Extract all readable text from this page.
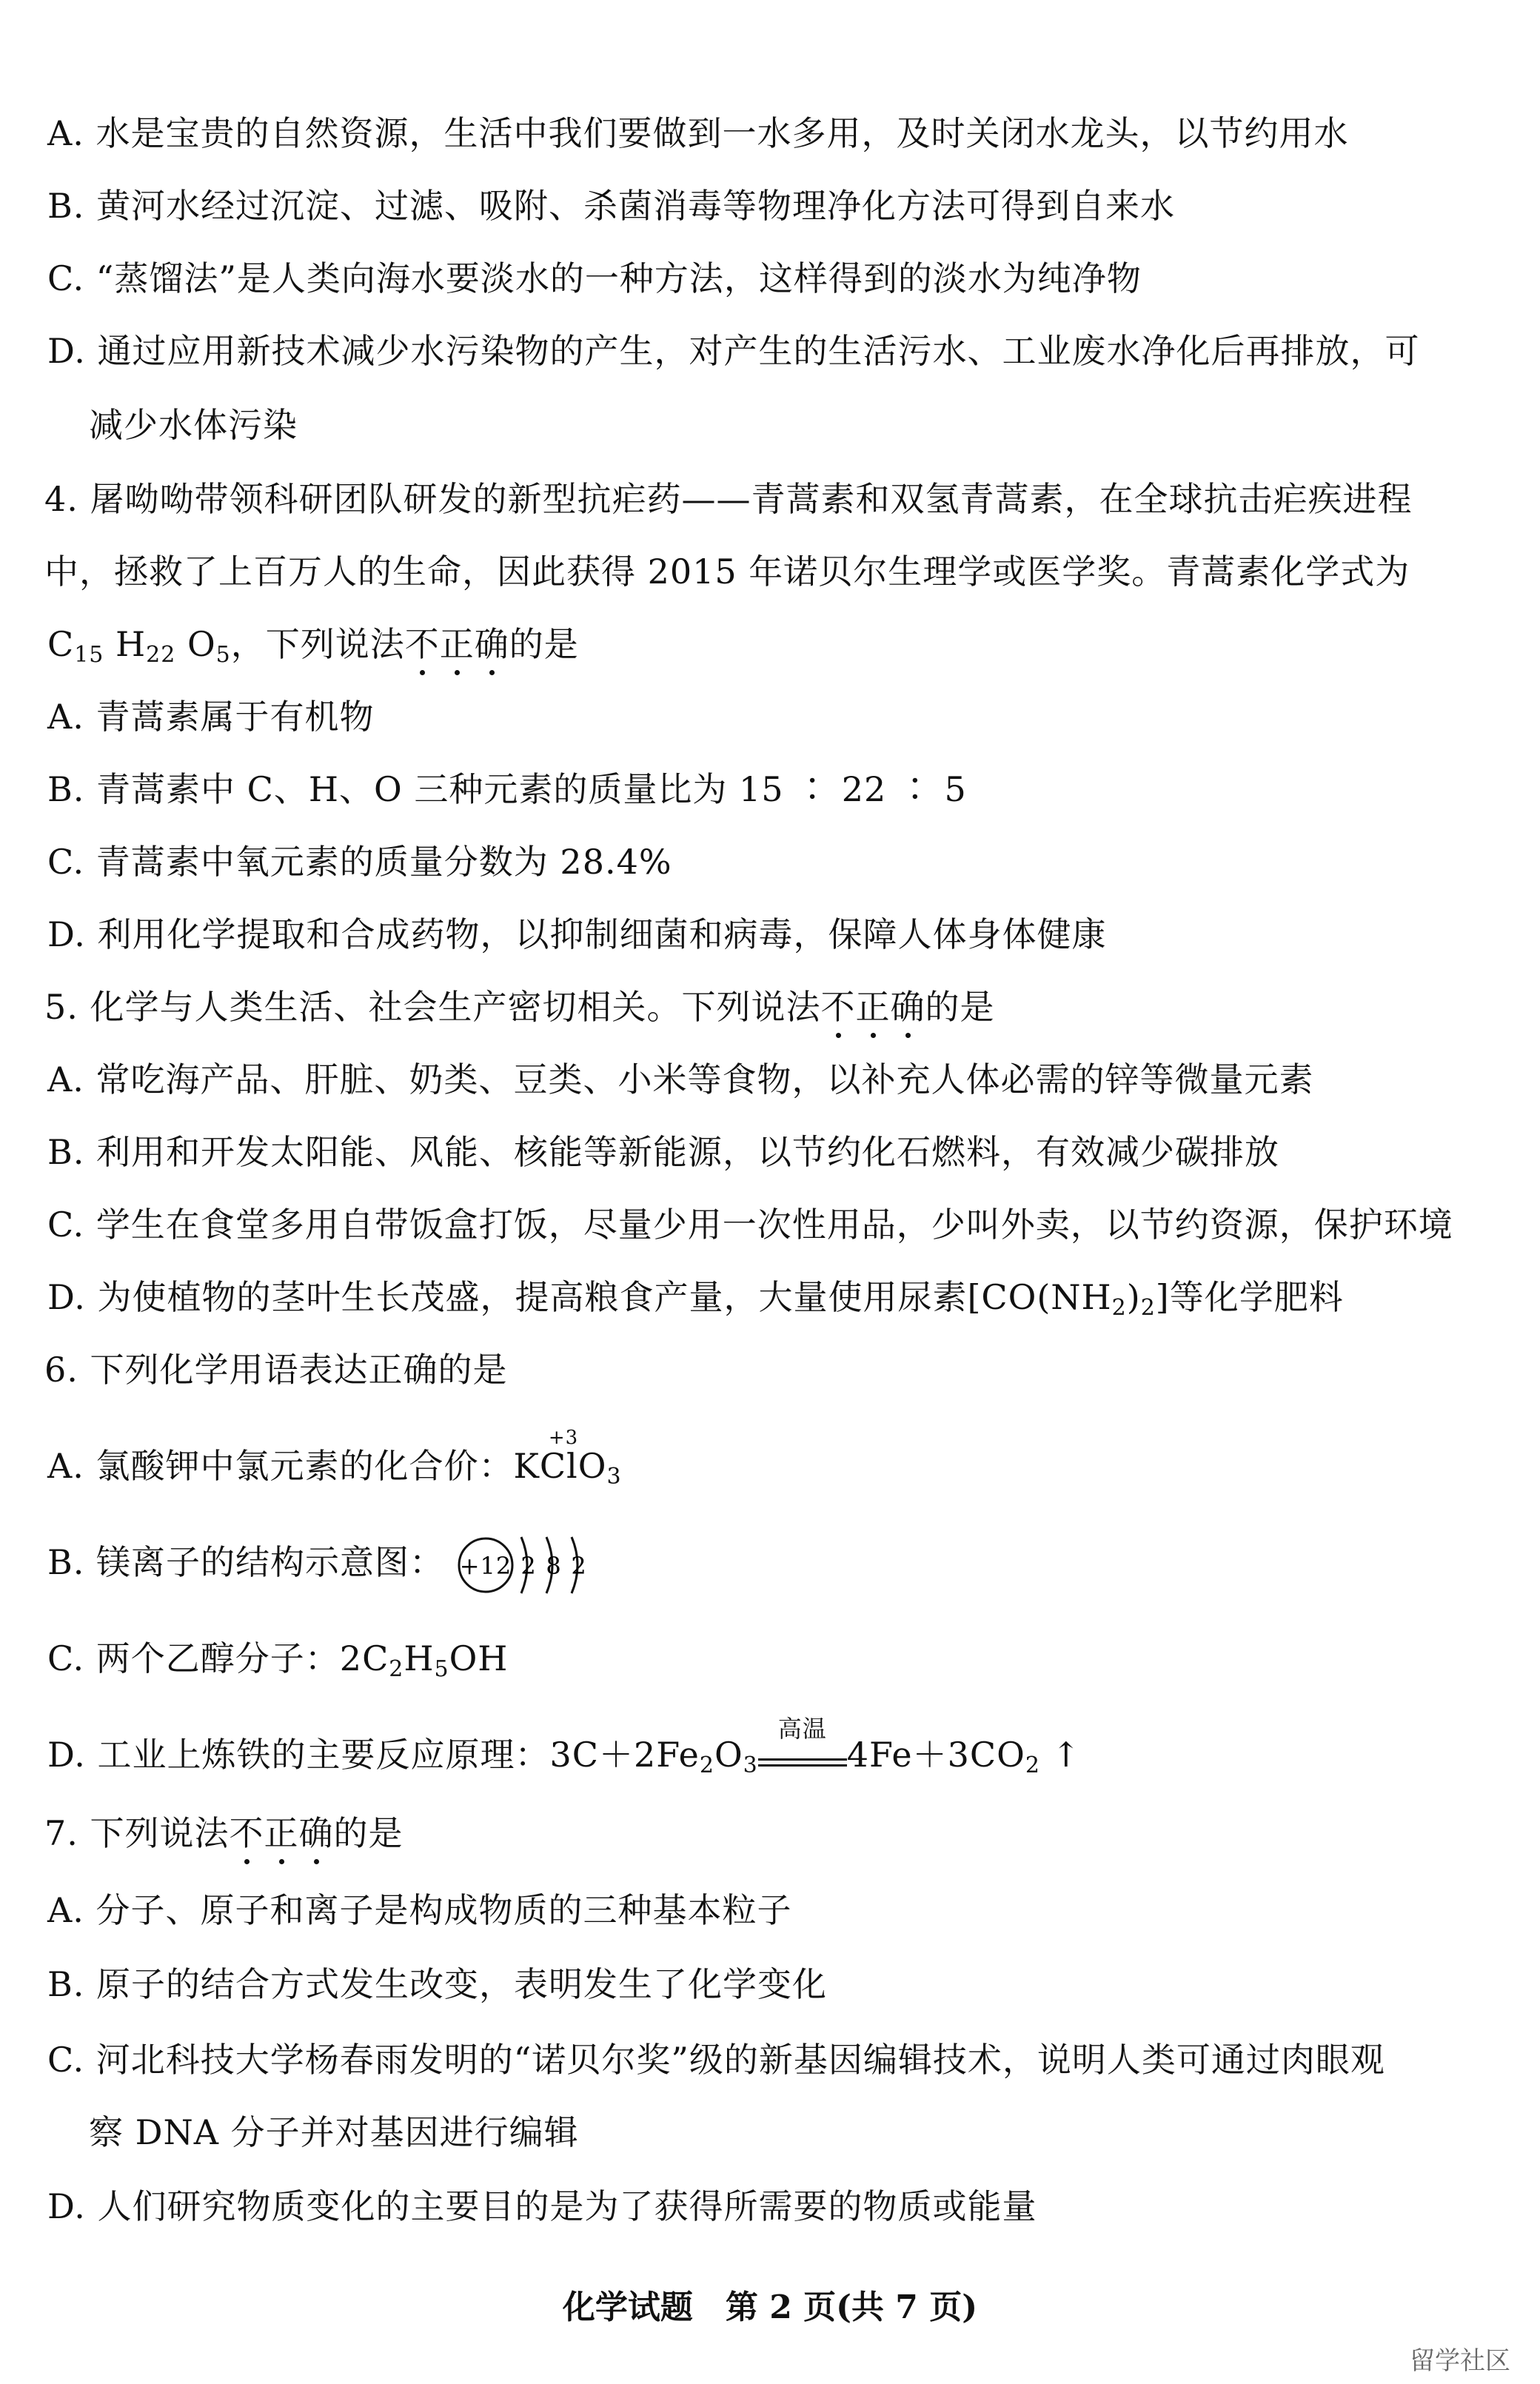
A. 水是宝贵的自然资源，生活中我们要做到一水多用，及时关闭水龙头，以节约用水
B. 黄河水经过沉淀、过滤、吸附、杀菌消毒等物理净化方法可得到自来水
C. “蒸馏法”是人类向海水要淡水的一种方法，这样得到的淡水为纯净物
D. 通过应用新技术减少水污染物的产生，对产生的生活污水、工业废水净化后再排放，可
减少水体污染
4. 屠呦呦带领科研团队研发的新型抗疟药——青蒿素和双氢青蒿素，在全球抗击疟疾进程
中，拯救了上百万人的生命，因此获得 2015 年诺贝尔生理学或医学奖。青蒿素化学式为
$C_{15}$ $H_{22}$ $O_5$，下列说法不正确的是
A. 青蒿素属于有机物
B. 青蒿素中 C、H、O 三种元素的质量比为 15 ∶ 22 ∶ 5
C. 青蒿素中氧元素的质量分数为 28.4%
D. 利用化学提取和合成药物，以抑制细菌和病毒，保障人体身体健康
5. 化学与人类生活、社会生产密切相关。下列说法不正确的是
A. 常吃海产品、肝脏、奶类、豆类、小米等食物，以补充人体必需的锌等微量元素
B. 利用和开发太阳能、风能、核能等新能源，以节约化石燃料，有效减少碳排放
C. 学生在食堂多用自带饭盒打饭，尽量少用一次性用品，少叫外卖，以节约资源，保护环境
D. 为使植物的茎叶生长茂盛，提高粮食产量，大量使用尿素$[CO(NH_2)_2]$等化学肥料
6. 下列化学用语表达正确的是
A. 氯酸钾中氯元素的化合价：K
+3
ClO$_3$
B. 镁离子的结构示意图： +12 2 8 2
C. 两个乙醇分子：$2C_2H_5OH$
D. 工业上炼铁的主要反应原理：$3C+2Fe_2O_3$
高温
$4Fe+3CO_2$ ↑
7. 下列说法不正确的是
A. 分子、原子和离子是构成物质的三种基本粒子
B. 原子的结合方式发生改变，表明发生了化学变化
C. 河北科技大学杨春雨发明的“诺贝尔奖”级的新基因编辑技术，说明人类可通过肉眼观
察 DNA 分子并对基因进行编辑
D. 人们研究物质变化的主要目的是为了获得所需要的物质或能量
化学试题　第 2 页(共 7 页)
留学社区
